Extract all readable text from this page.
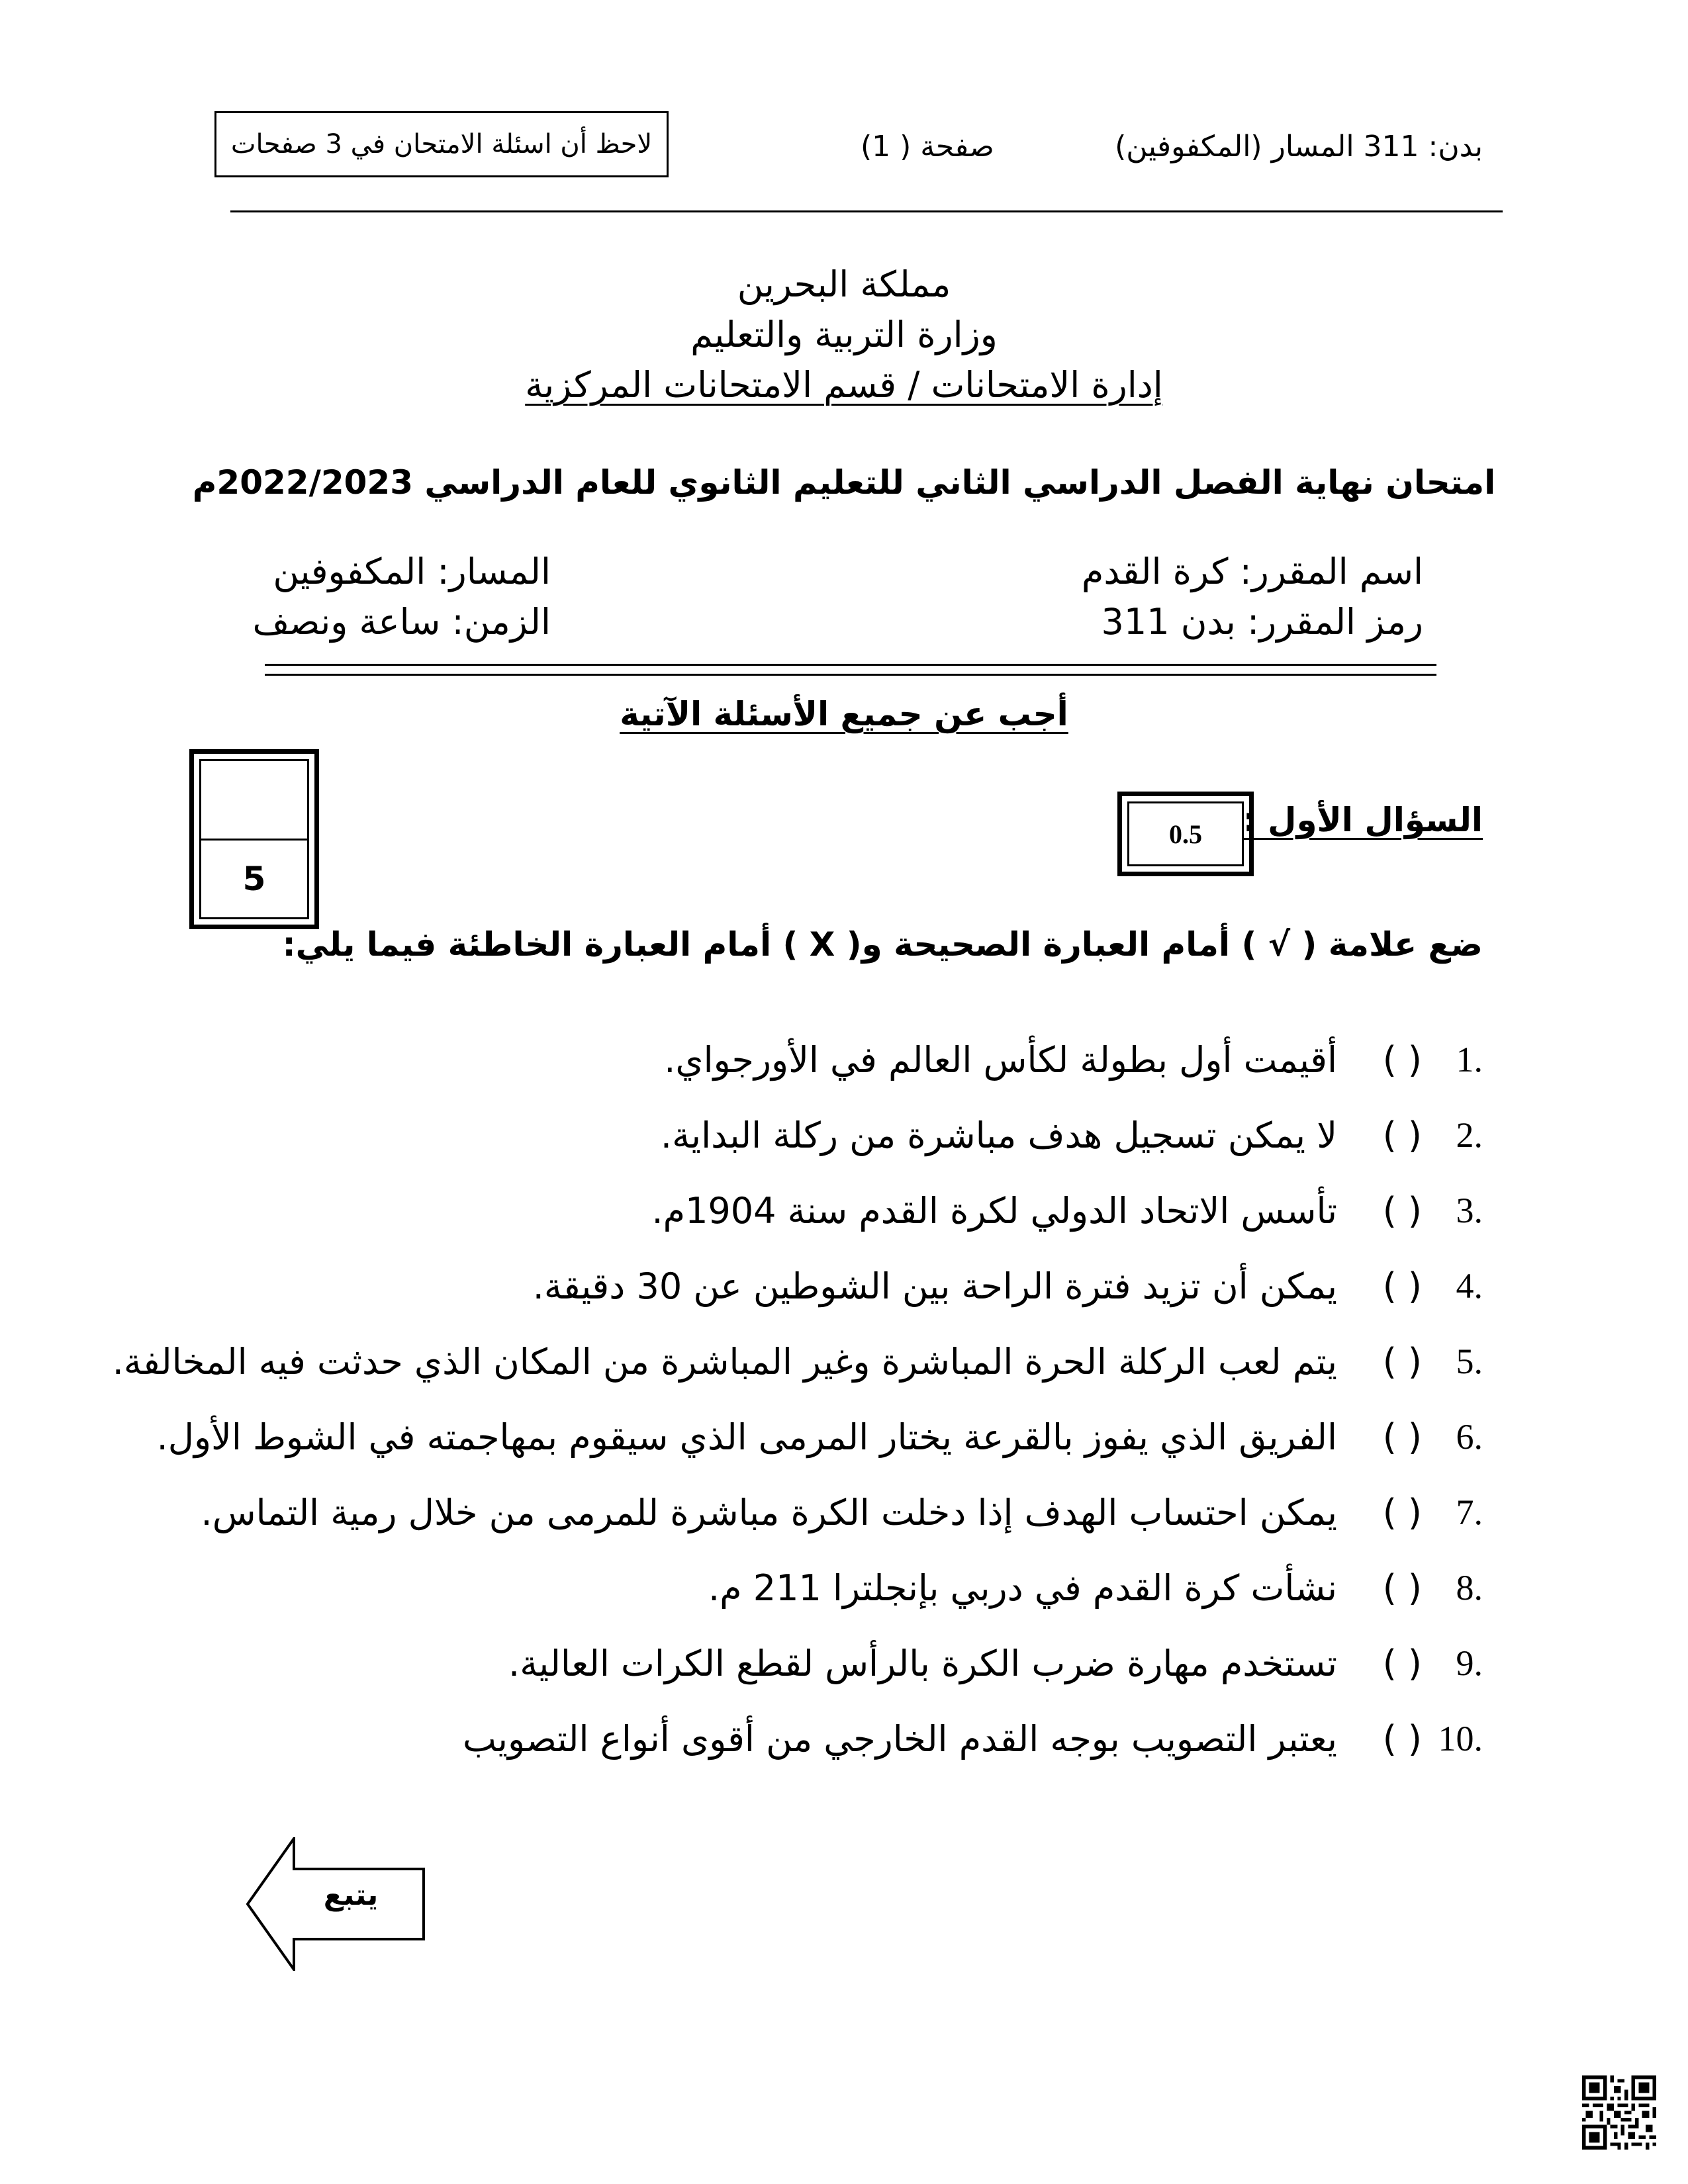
بدن: 311 المسار (المكفوفين)
صفحة ( 1)
لاحظ أن اسئلة الامتحان في 3 صفحات
مملكة البحرين
وزارة التربية والتعليم
إدارة الامتحانات / قسم الامتحانات المركزية
امتحان نهاية الفصل الدراسي الثاني للتعليم الثانوي للعام الدراسي 2022/2023م
اسم المقرر: كرة القدم
رمز المقرر: بدن 311
المسار: المكفوفين
الزمن: ساعة ونصف
أجب عن جميع الأسئلة الآتية
5
السؤال الأول :
0.5
ضع علامة ( √ ) أمام العبارة الصحيحة و( X ) أمام العبارة الخاطئة فيما يلي:
.1
( )
أقيمت أول بطولة لكأس العالم في الأورجواي.
.2
( )
لا يمكن تسجيل هدف مباشرة من ركلة البداية.
.3
( )
تأسس الاتحاد الدولي لكرة القدم سنة 1904م.
.4
( )
يمكن أن تزيد فترة الراحة بين الشوطين عن 30 دقيقة.
.5
( )
يتم لعب الركلة الحرة المباشرة وغير المباشرة من المكان الذي حدثت فيه المخالفة.
.6
( )
الفريق الذي يفوز بالقرعة يختار المرمى الذي سيقوم بمهاجمته في الشوط الأول.
.7
( )
يمكن احتساب الهدف إذا دخلت الكرة مباشرة للمرمى من خلال رمية التماس.
.8
( )
نشأت كرة القدم في دربي بإنجلترا 211 م.
.9
( )
تستخدم مهارة ضرب الكرة بالرأس لقطع الكرات العالية.
.10
( )
يعتبر التصويب بوجه القدم الخارجي من أقوى أنواع التصويب
يتبع
